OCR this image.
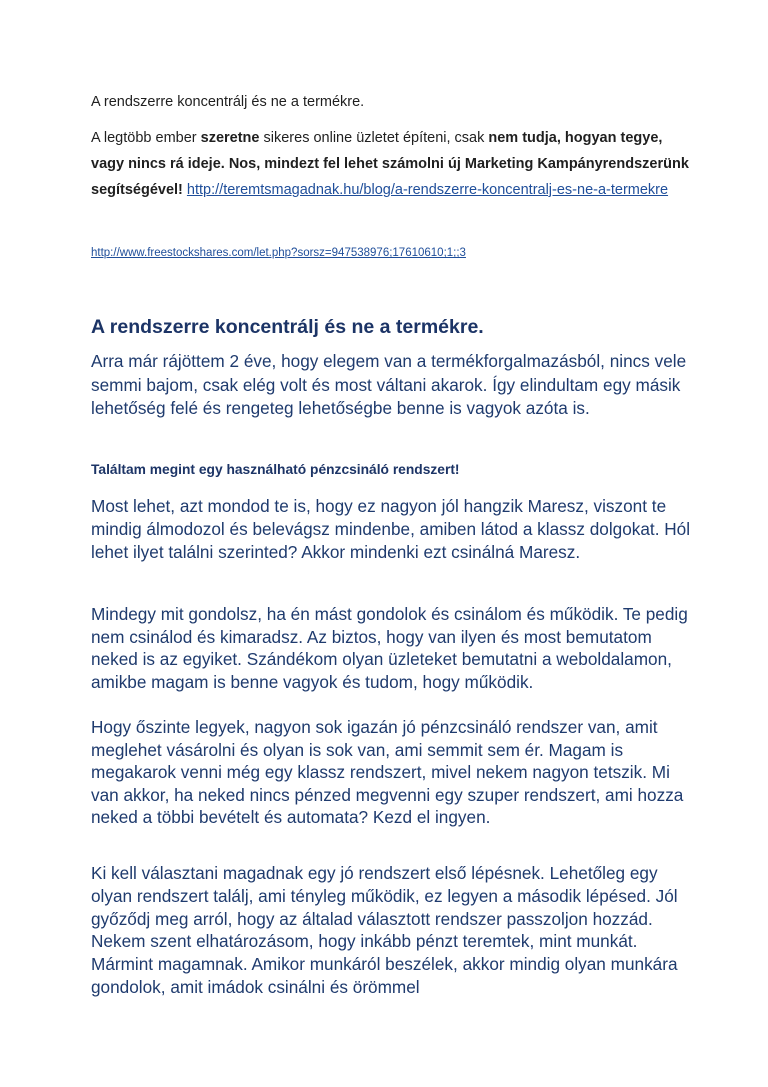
A rendszerre koncentrálj és ne a termékre.
A legtöbb ember szeretne sikeres online üzletet építeni, csak nem tudja, hogyan tegye, vagy nincs rá ideje. Nos, mindezt fel lehet számolni új Marketing Kampányrendszerünk segítségével! http://teremtsmagadnak.hu/blog/a-rendszerre-koncentralj-es-ne-a-termekre
http://www.freestockshares.com/let.php?sorsz=947538976;17610610;1;;3
A rendszerre koncentrálj és ne a termékre.
Arra már rájöttem 2 éve, hogy elegem van a termékforgalmazásból, nincs vele semmi bajom, csak elég volt és most váltani akarok. Így elindultam egy másik lehetőség felé és rengeteg lehetőségbe benne is vagyok azóta is.
Találtam megint egy használható pénzcsináló rendszert!
Most lehet, azt mondod te is, hogy ez nagyon jól hangzik Maresz, viszont te mindig álmodozol és belevágsz mindenbe, amiben látod a klassz dolgokat. Hól lehet ilyet találni szerinted? Akkor mindenki ezt csinálná Maresz.
Mindegy mit gondolsz, ha én mást gondolok és csinálom és működik. Te pedig nem csinálod és kimaradsz. Az biztos, hogy van ilyen és most bemutatom neked is az egyiket. Szándékom olyan üzleteket bemutatni a weboldalamon, amikbe magam is benne vagyok és tudom, hogy működik.
Hogy őszinte legyek, nagyon sok igazán jó pénzcsináló rendszer van, amit meglehet vásárolni és olyan is sok van, ami semmit sem ér. Magam is megakarok venni még egy klassz rendszert, mivel nekem nagyon tetszik. Mi van akkor, ha neked nincs pénzed megvenni egy szuper rendszert, ami hozza neked a többi bevételt és automata? Kezd el ingyen.
Ki kell választani magadnak egy jó rendszert első lépésnek. Lehetőleg egy olyan rendszert találj, ami tényleg működik, ez legyen a második lépésed. Jól győződj meg arról, hogy az általad választott rendszer passzoljon hozzád. Nekem szent elhatározásom, hogy inkább pénzt teremtek, mint munkát. Mármint magamnak. Amikor munkáról beszélek, akkor mindig olyan munkára gondolok, amit imádok csinálni és örömmel
